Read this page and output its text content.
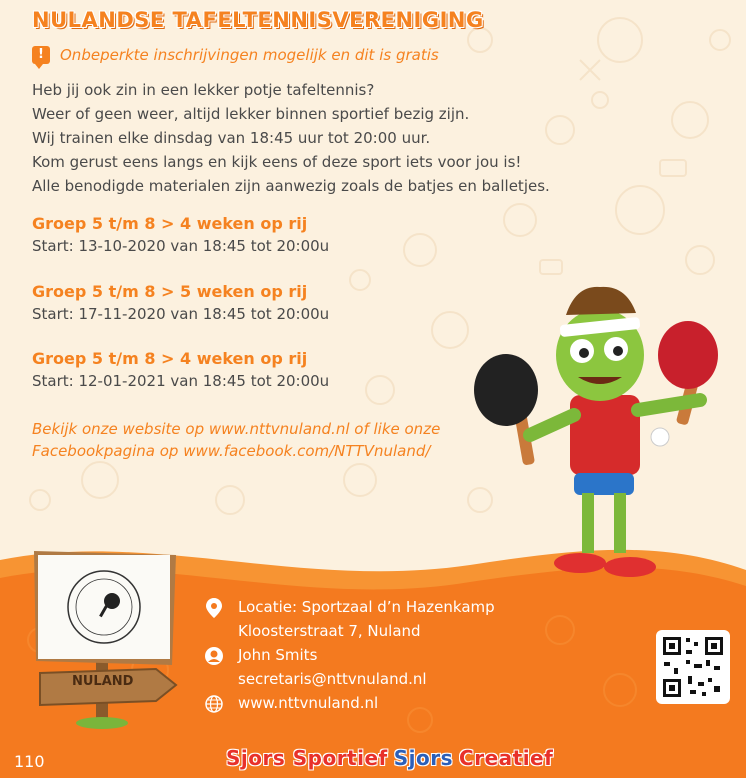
NULANDSE TAFELTENNISVERENIGING
!	Onbeperkte inschrijvingen mogelijk en dit is gratis
Heb jij ook zin in een lekker potje tafeltennis?
Weer of geen weer, altijd lekker binnen sportief bezig zijn.
Wij trainen elke dinsdag van 18:45 uur tot 20:00 uur.
Kom gerust eens langs en kijk eens of deze sport iets voor jou is!
Alle benodigde materialen zijn aanwezig zoals de batjes en balletjes.
Groep 5 t/m 8 > 4 weken op rij
Start: 13-10-2020 van 18:45 tot 20:00u
Groep 5 t/m 8 > 5 weken op rij
Start: 17-11-2020 van 18:45 tot 20:00u
Groep 5 t/m 8 > 4 weken op rij
Start: 12-01-2021 van 18:45 tot 20:00u
Bekijk onze website op www.nttvnuland.nl of like onze
Facebookpagina op www.facebook.com/NTTVnuland/
NULAND
Locatie: Sportzaal d’n Hazenkamp
Kloosterstraat 7, Nuland
John Smits
secretaris@nttvnuland.nl
www.nttvnuland.nl
110	Sjors Sportief Sjors Creatief
